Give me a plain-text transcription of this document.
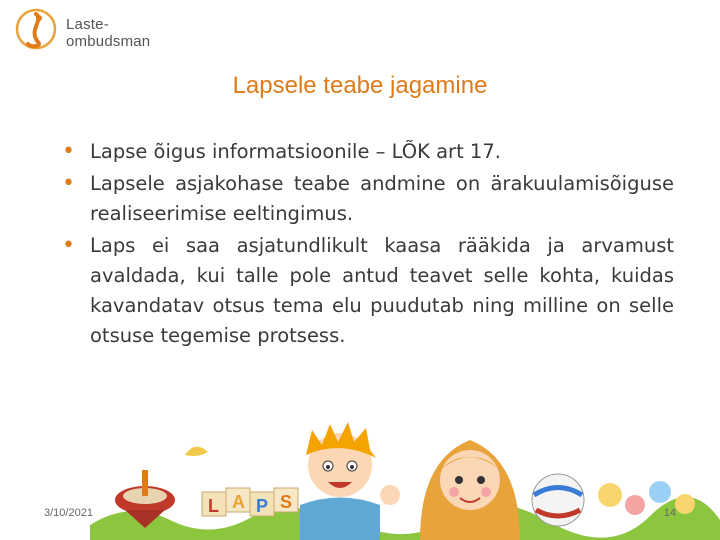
Laste-
ombudsman
Lapsele teabe jagamine
• Lapse õigus informatsioonile – LÕK art 17.
• Lapsele asjakohase teabe andmine on ärakuulamisõiguse realiseerimise eeltingimus.
• Laps ei saa asjatundlikult kaasa rääkida ja arvamust avaldada, kui talle pole antud teavet selle kohta, kuidas kavandatav otsus tema elu puudutab ning milline on selle otsuse tegemise protsess.
L A P S
3/10/2021	14
